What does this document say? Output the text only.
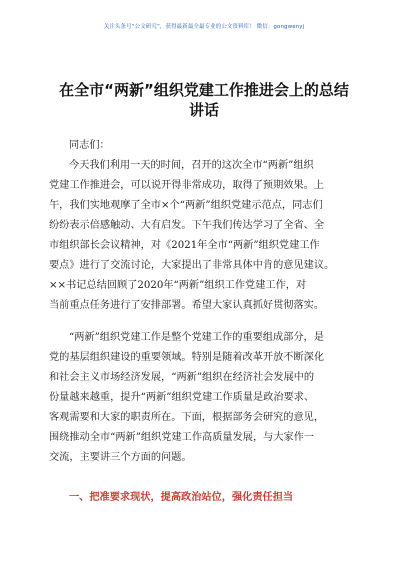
关注头条号“公文研究”，获得最新最全最专业的公文资料库！ 微信：gongwenyj
在全市“两新”组织党建工作推进会上的总结
讲话
同志们：
今天我们利用一天的时间，召开的这次全市“两新”组织
党建工作推进会，可以说开得非常成功，取得了预期效果。上
午，我们实地观摩了全市×个“两新”组织党建示范点，同志们
纷纷表示倍感触动、大有启发。下午我们传达学习了全省、全
市组织部长会议精神，对《2021年全市“两新”组织党建工作
要点》进行了交流讨论，大家提出了非常具体中肯的意见建议。
××书记总结回顾了2020年“两新”组织工作党建工作，对
当前重点任务进行了安排部署。希望大家认真抓好贯彻落实。
“两新”组织党建工作是整个党建工作的重要组成部分，是
党的基层组织建设的重要领域。特别是随着改革开放不断深化
和社会主义市场经济发展，“两新”组织在经济社会发展中的
份量越来越重，提升“两新”组织党建工作质量是政治要求、
客观需要和大家的职责所在。下面，根据部务会研究的意见，
围绕推动全市“两新”组织党建工作高质量发展，与大家作一
交流，主要讲三个方面的问题。
一、把准要求现状，提高政治站位，强化责任担当
